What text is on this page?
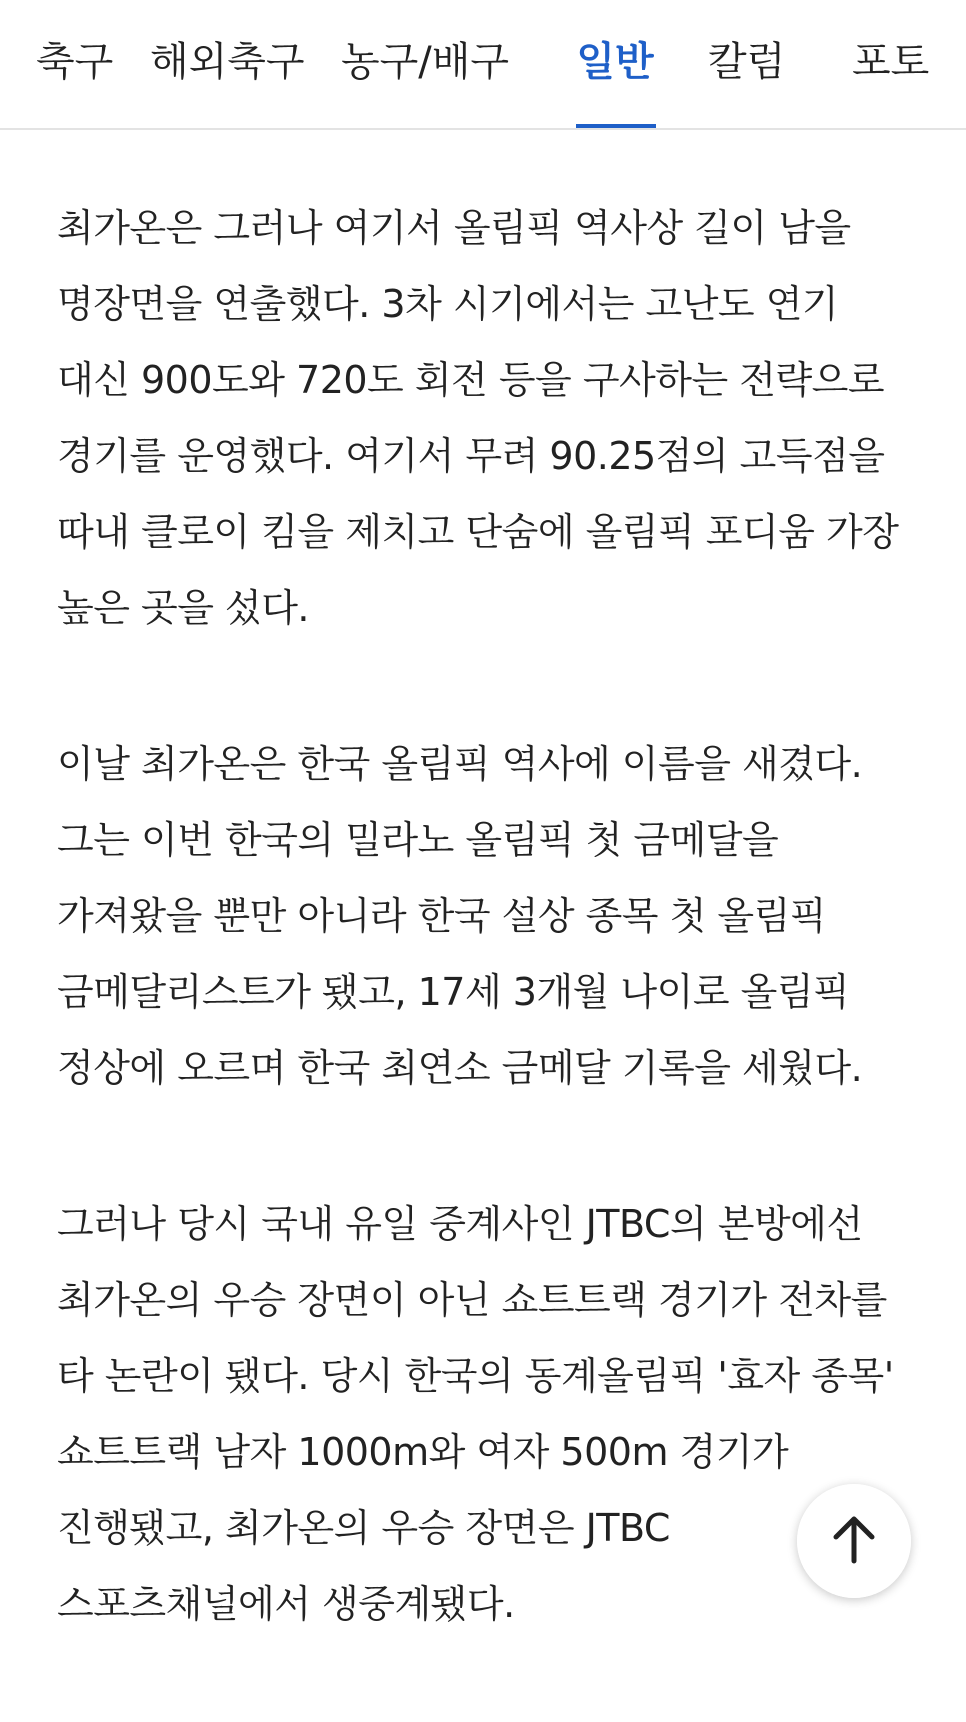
축구 해외축구 농구/배구 일반 칼럼 포토

최가온은 그러나 여기서 올림픽 역사상 길이 남을 명장면을 연출했다. 3차 시기에서는 고난도 연기 대신 900도와 720도 회전 등을 구사하는 전략으로 경기를 운영했다. 여기서 무려 90.25점의 고득점을 따내 클로이 킴을 제치고 단숨에 올림픽 포디움 가장 높은 곳을 섰다.

이날 최가온은 한국 올림픽 역사에 이름을 새겼다. 그는 이번 한국의 밀라노 올림픽 첫 금메달을 가져왔을 뿐만 아니라 한국 설상 종목 첫 올림픽 금메달리스트가 됐고, 17세 3개월 나이로 올림픽 정상에 오르며 한국 최연소 금메달 기록을 세웠다.

그러나 당시 국내 유일 중계사인 JTBC의 본방에선 최가온의 우승 장면이 아닌 쇼트트랙 경기가 전차를 타 논란이 됐다. 당시 한국의 동계올림픽 '효자 종목' 쇼트트랙 남자 1000m와 여자 500m 경기가 진행됐고, 최가온의 우승 장면은 JTBC 스포츠채널에서 생중계됐다.
